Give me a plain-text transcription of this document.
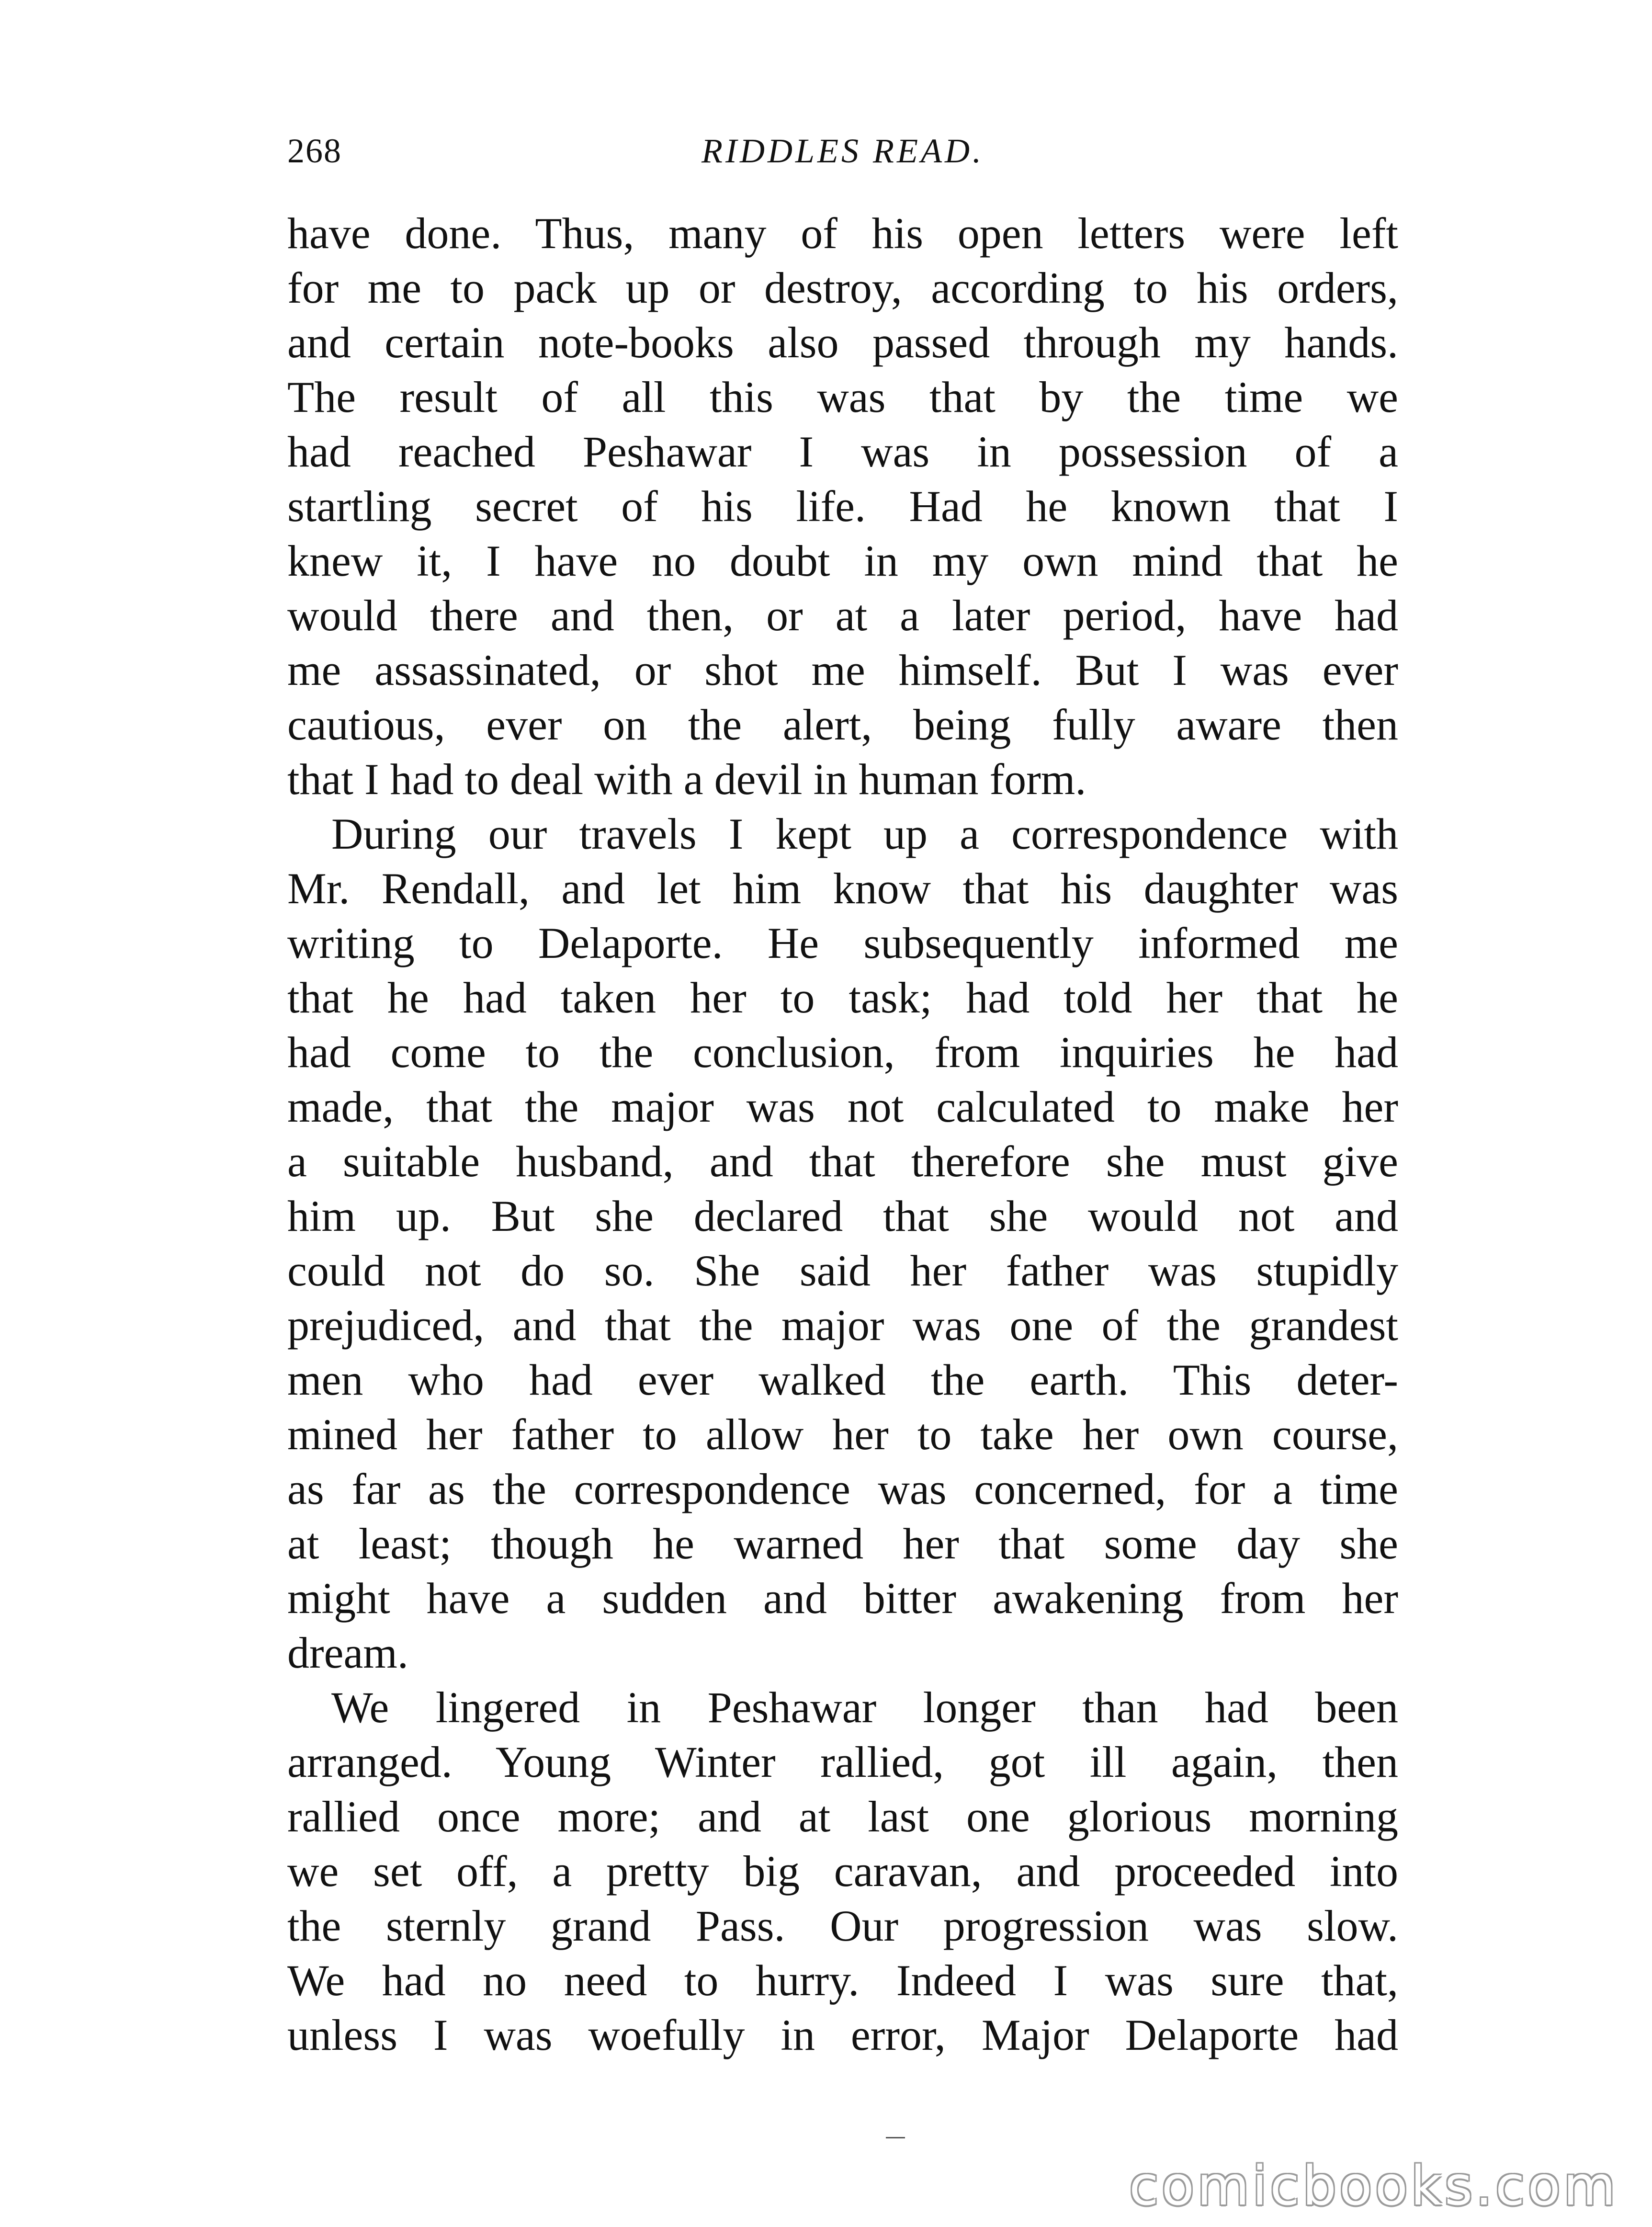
268	RIDDLES READ.
have done. Thus, many of his open letters were left
for me to pack up or destroy, according to his orders,
and certain note-books also passed through my hands.
The result of all this was that by the time we
had reached Peshawar I was in possession of a
startling secret of his life. Had he known that I
knew it, I have no doubt in my own mind that he
would there and then, or at a later period, have had
me assassinated, or shot me himself. But I was ever
cautious, ever on the alert, being fully aware then
that I had to deal with a devil in human form.
During our travels I kept up a correspondence with
Mr. Rendall, and let him know that his daughter was
writing to Delaporte. He subsequently informed me
that he had taken her to task; had told her that he
had come to the conclusion, from inquiries he had
made, that the major was not calculated to make her
a suitable husband, and that therefore she must give
him up. But she declared that she would not and
could not do so. She said her father was stupidly
prejudiced, and that the major was one of the grandest
men who had ever walked the earth. This deter-
mined her father to allow her to take her own course,
as far as the correspondence was concerned, for a time
at least; though he warned her that some day she
might have a sudden and bitter awakening from her
dream.
We lingered in Peshawar longer than had been
arranged. Young Winter rallied, got ill again, then
rallied once more; and at last one glorious morning
we set off, a pretty big caravan, and proceeded into
the sternly grand Pass. Our progression was slow.
We had no need to hurry. Indeed I was sure that,
unless I was woefully in error, Major Delaporte had
comicbooks.com
